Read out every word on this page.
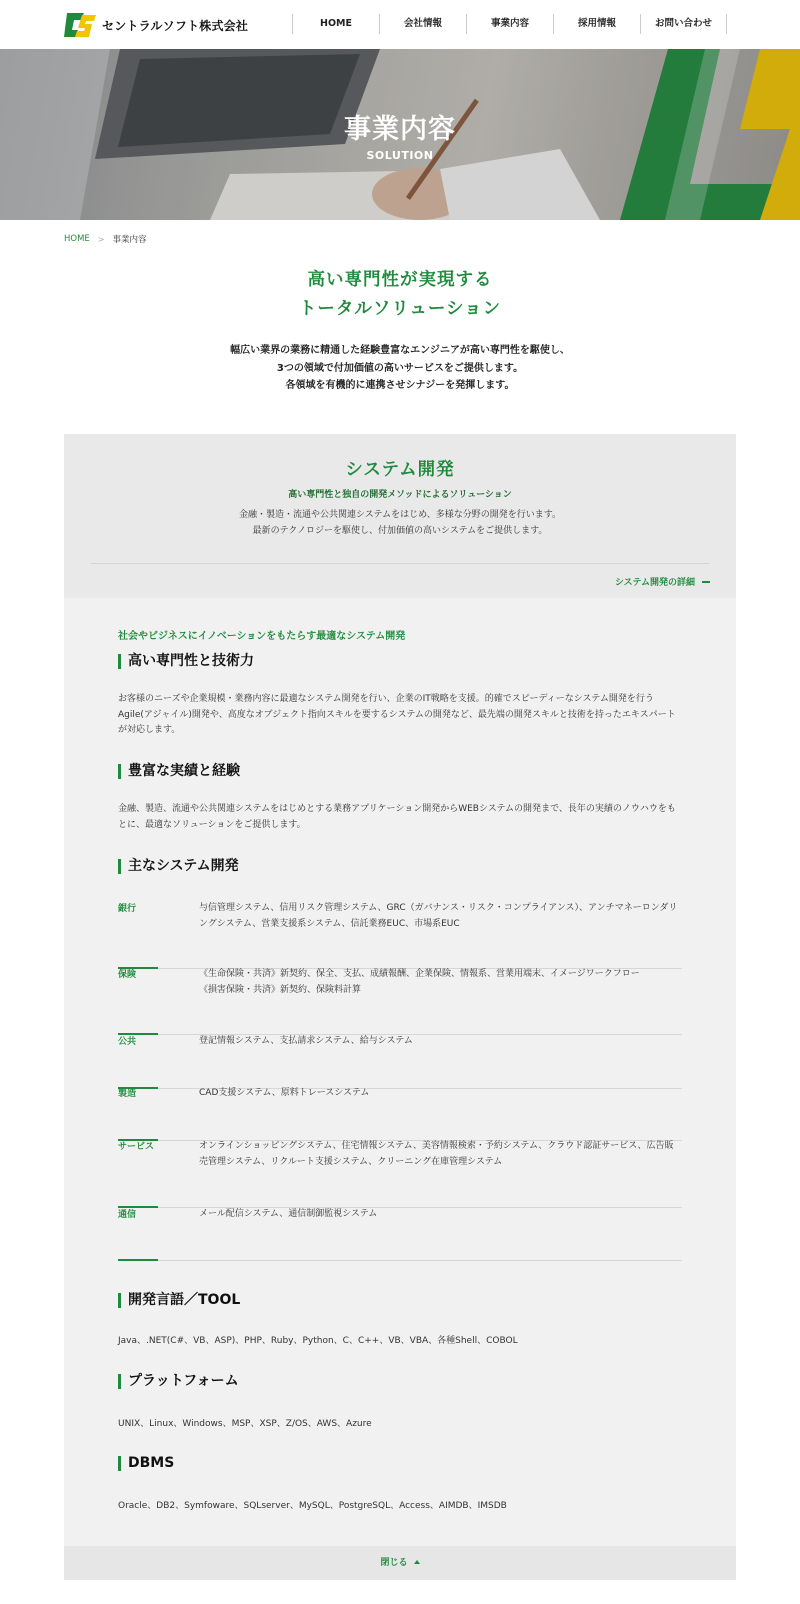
セントラルソフト株式会社	HOME	会社情報	事業内容	採用情報	お問い合わせ
事業内容
SOLUTION
HOME > 事業内容
高い専門性が実現する
トータルソリューション
幅広い業界の業務に精通した経験豊富なエンジニアが高い専門性を駆使し、
3つの領域で付加価値の高いサービスをご提供します。
各領域を有機的に連携させシナジーを発揮します。
システム開発
高い専門性と独自の開発メソッドによるソリューション
金融・製造・流通や公共関連システムをはじめ、多様な分野の開発を行います。
最新のテクノロジーを駆使し、付加価値の高いシステムをご提供します。
システム開発の詳細
社会やビジネスにイノベーションをもたらす最適なシステム開発
高い専門性と技術力
お客様のニーズや企業規模・業務内容に最適なシステム開発を行い、企業のIT戦略を支援。的確でスピーディーなシステム開発を行うAgile(アジャイル)開発や、高度なオブジェクト指向スキルを要するシステムの開発など、最先端の開発スキルと技術を持ったエキスパートが対応します。
豊富な実績と経験
金融、製造、流通や公共関連システムをはじめとする業務アプリケーション開発からWEBシステムの開発まで、長年の実績のノウハウをもとに、最適なソリューションをご提供します。
主なシステム開発
銀行	与信管理システム、信用リスク管理システム、GRC（ガバナンス・リスク・コンプライアンス）、アンチマネーロンダリングシステム、営業支援系システム、信託業務EUC、市場系EUC
保険	《生命保険・共済》新契約、保全、支払、成績報酬、企業保険、情報系、営業用端末、イメージワークフロー 《損害保険・共済》新契約、保険料計算
公共	登記情報システム、支払請求システム、給与システム
製造	CAD支援システム、原料トレースシステム
サービス	オンラインショッピングシステム、住宅情報システム、美容情報検索・予約システム、クラウド認証サービス、広告販売管理システム、リクルート支援システム、クリーニング在庫管理システム
通信	メール配信システム、通信制御監視システム
開発言語／TOOL
Java、.NET(C#、VB、ASP)、PHP、Ruby、Python、C、C++、VB、VBA、各種Shell、COBOL
プラットフォーム
UNIX、Linux、Windows、MSP、XSP、Z/OS、AWS、Azure
DBMS
Oracle、DB2、Symfoware、SQLserver、MySQL、PostgreSQL、Access、AIMDB、IMSDB
閉じる
